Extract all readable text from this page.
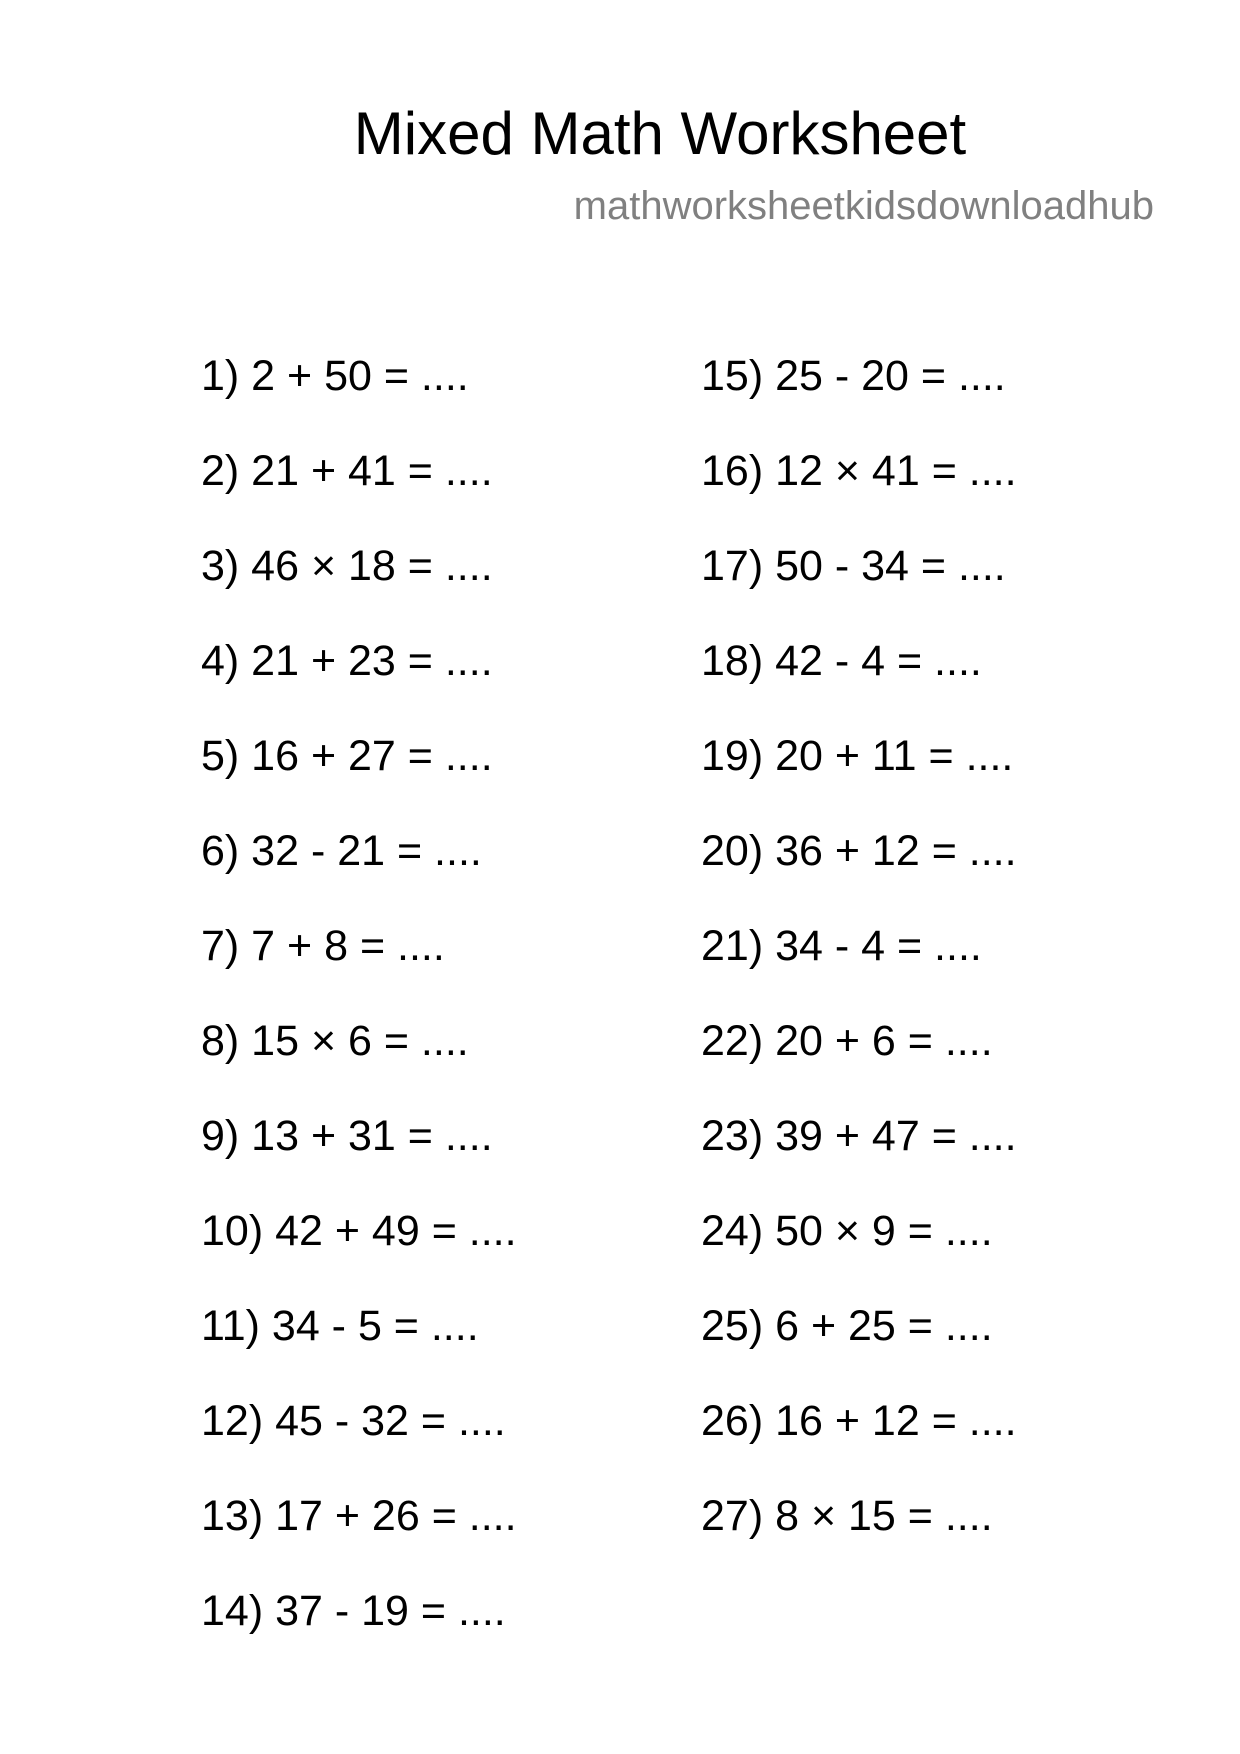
Mixed Math Worksheet
mathworksheetkidsdownloadhub
1) 2 + 50 = ....
2) 21 + 41 = ....
3) 46 × 18 = ....
4) 21 + 23 = ....
5) 16 + 27 = ....
6) 32 - 21 = ....
7) 7 + 8 = ....
8) 15 × 6 = ....
9) 13 + 31 = ....
10) 42 + 49 = ....
11) 34 - 5 = ....
12) 45 - 32 = ....
13) 17 + 26 = ....
14) 37 - 19 = ....
15) 25 - 20 = ....
16) 12 × 41 = ....
17) 50 - 34 = ....
18) 42 - 4 = ....
19) 20 + 11 = ....
20) 36 + 12 = ....
21) 34 - 4 = ....
22) 20 + 6 = ....
23) 39 + 47 = ....
24) 50 × 9 = ....
25) 6 + 25 = ....
26) 16 + 12 = ....
27) 8 × 15 = ....
